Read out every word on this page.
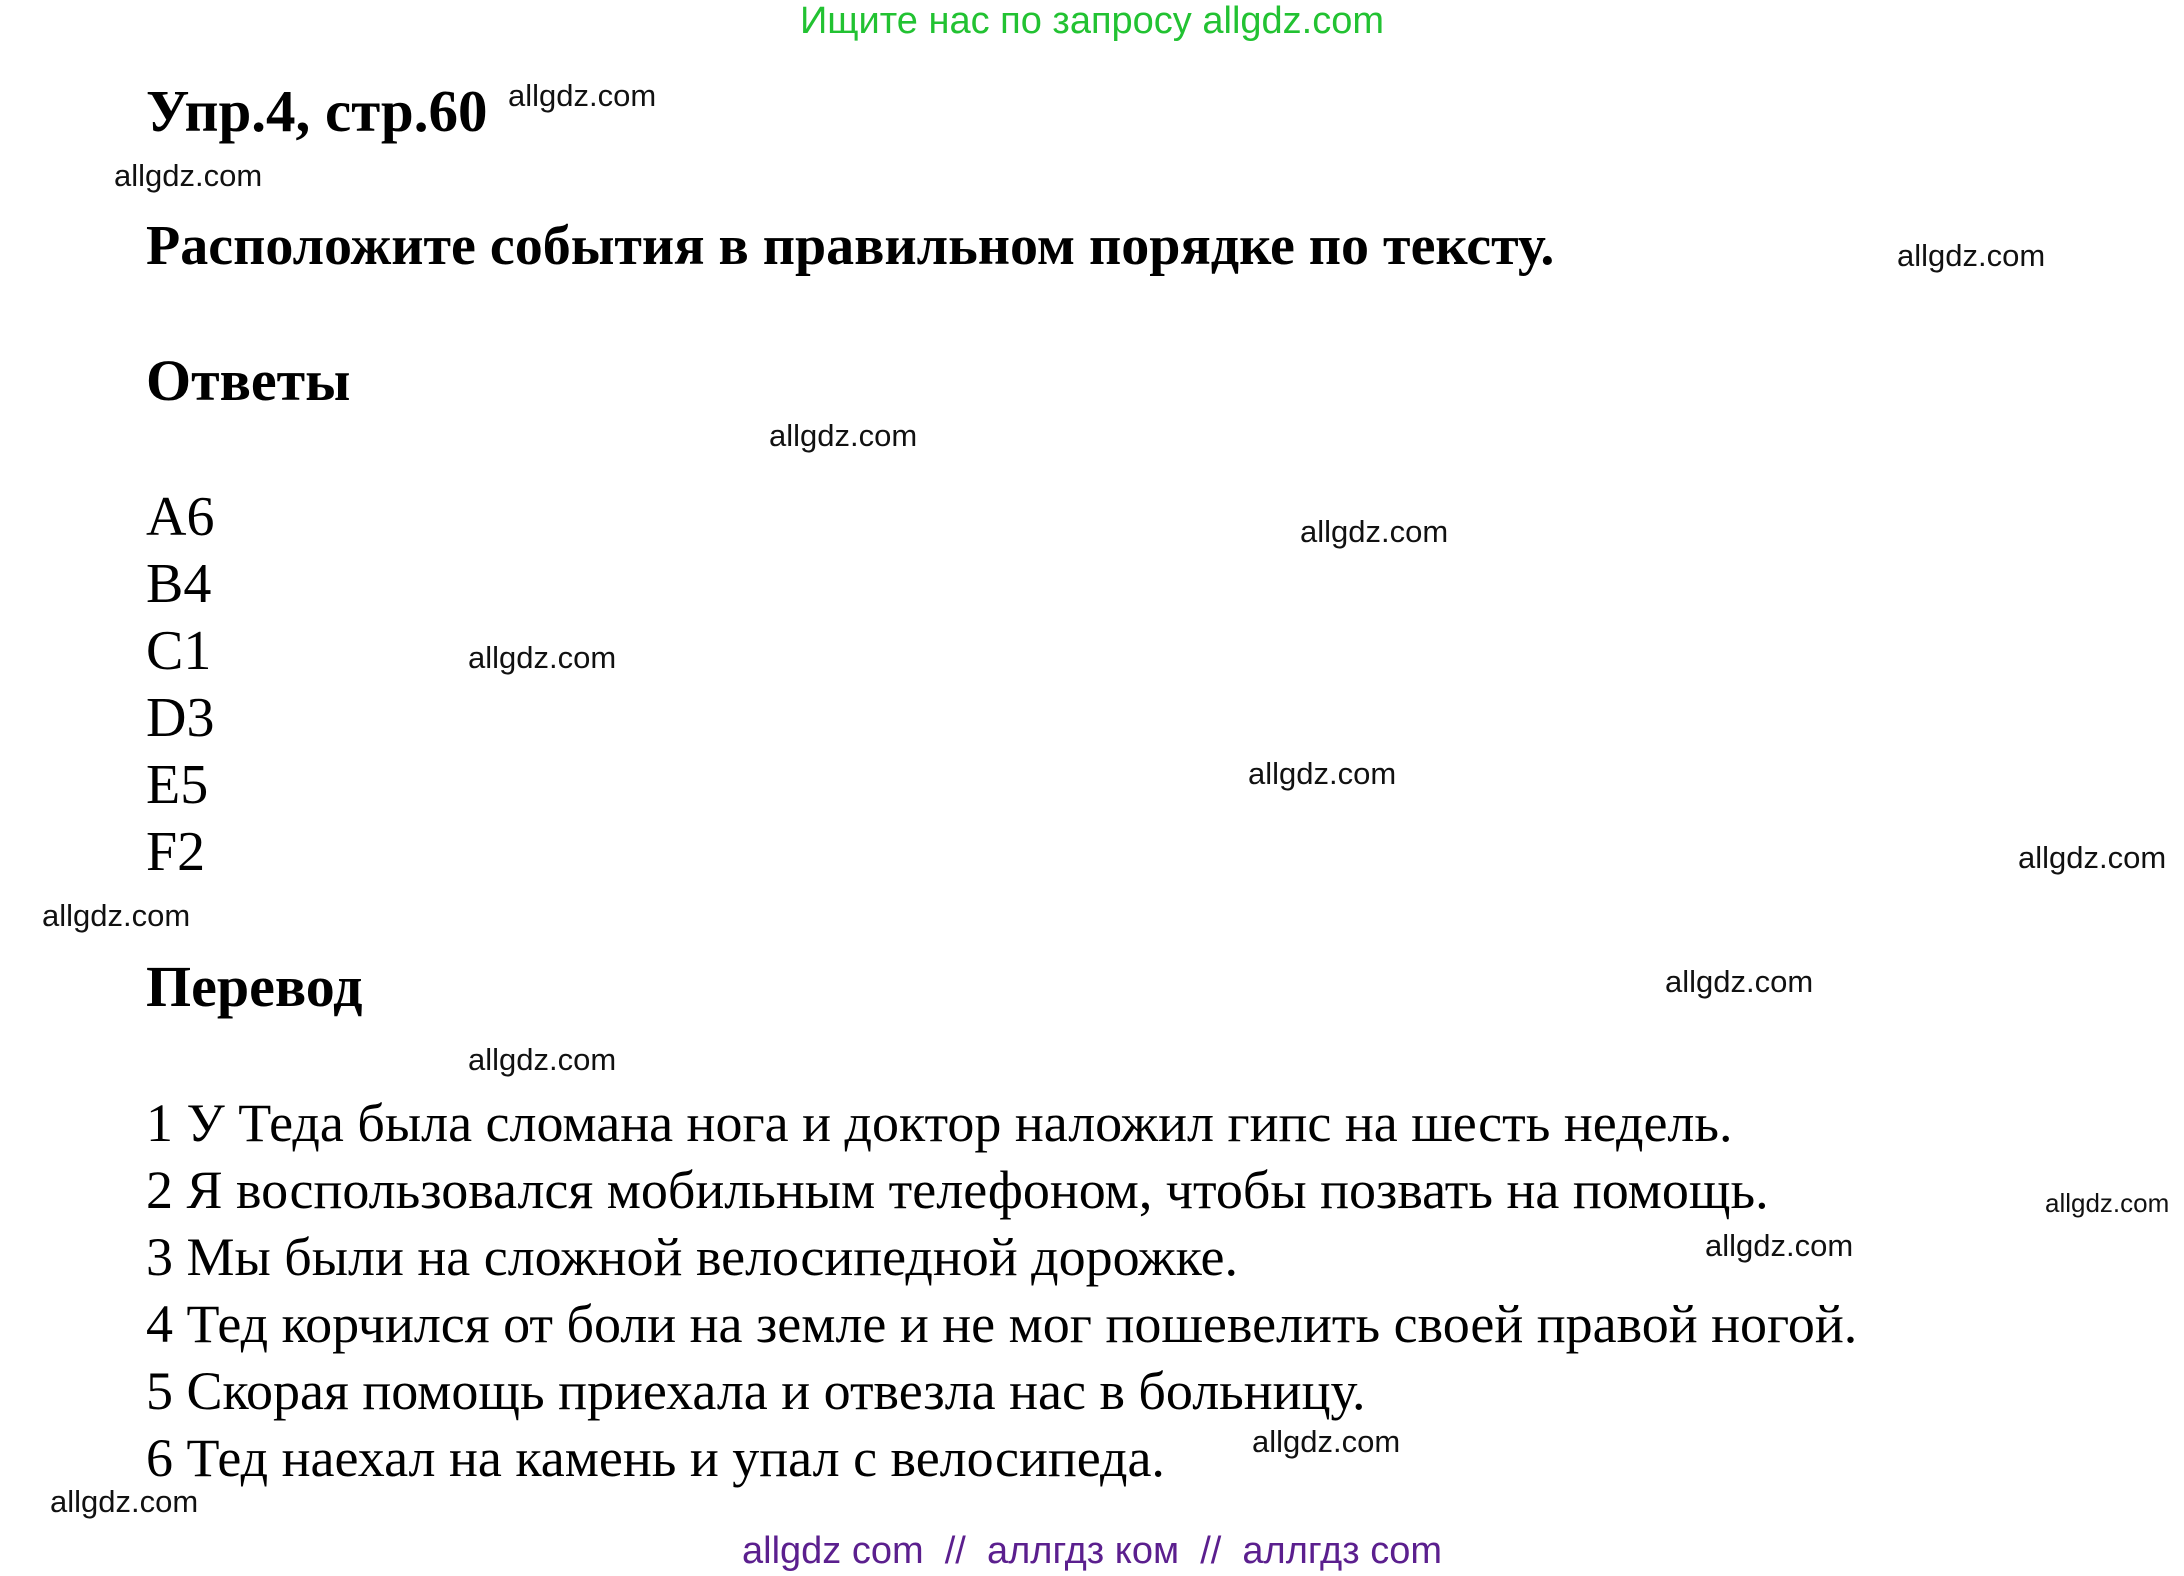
Ищите нас по запросу allgdz.com
Упр.4, стр.60
Расположите события в правильном порядке по тексту.
Ответы
A6
B4
C1
D3
E5
F2
Перевод
1 У Теда была сломана нога и доктор наложил гипс на шесть недель.
2 Я воспользовался мобильным телефоном, чтобы позвать на помощь.
3 Мы были на сложной велосипедной дорожке.
4 Тед корчился от боли на земле и не мог пошевелить своей правой ногой.
5 Скорая помощь приехала и отвезла нас в больницу.
6 Тед наехал на камень и упал с велосипеда.
allgdz.com
allgdz.com
allgdz.com
allgdz.com
allgdz.com
allgdz.com
allgdz.com
allgdz.com
allgdz.com
allgdz.com
allgdz.com
allgdz.com
allgdz.com
allgdz.com
allgdz.com
allgdz com  //  аллгдз ком  //  аллгдз com
